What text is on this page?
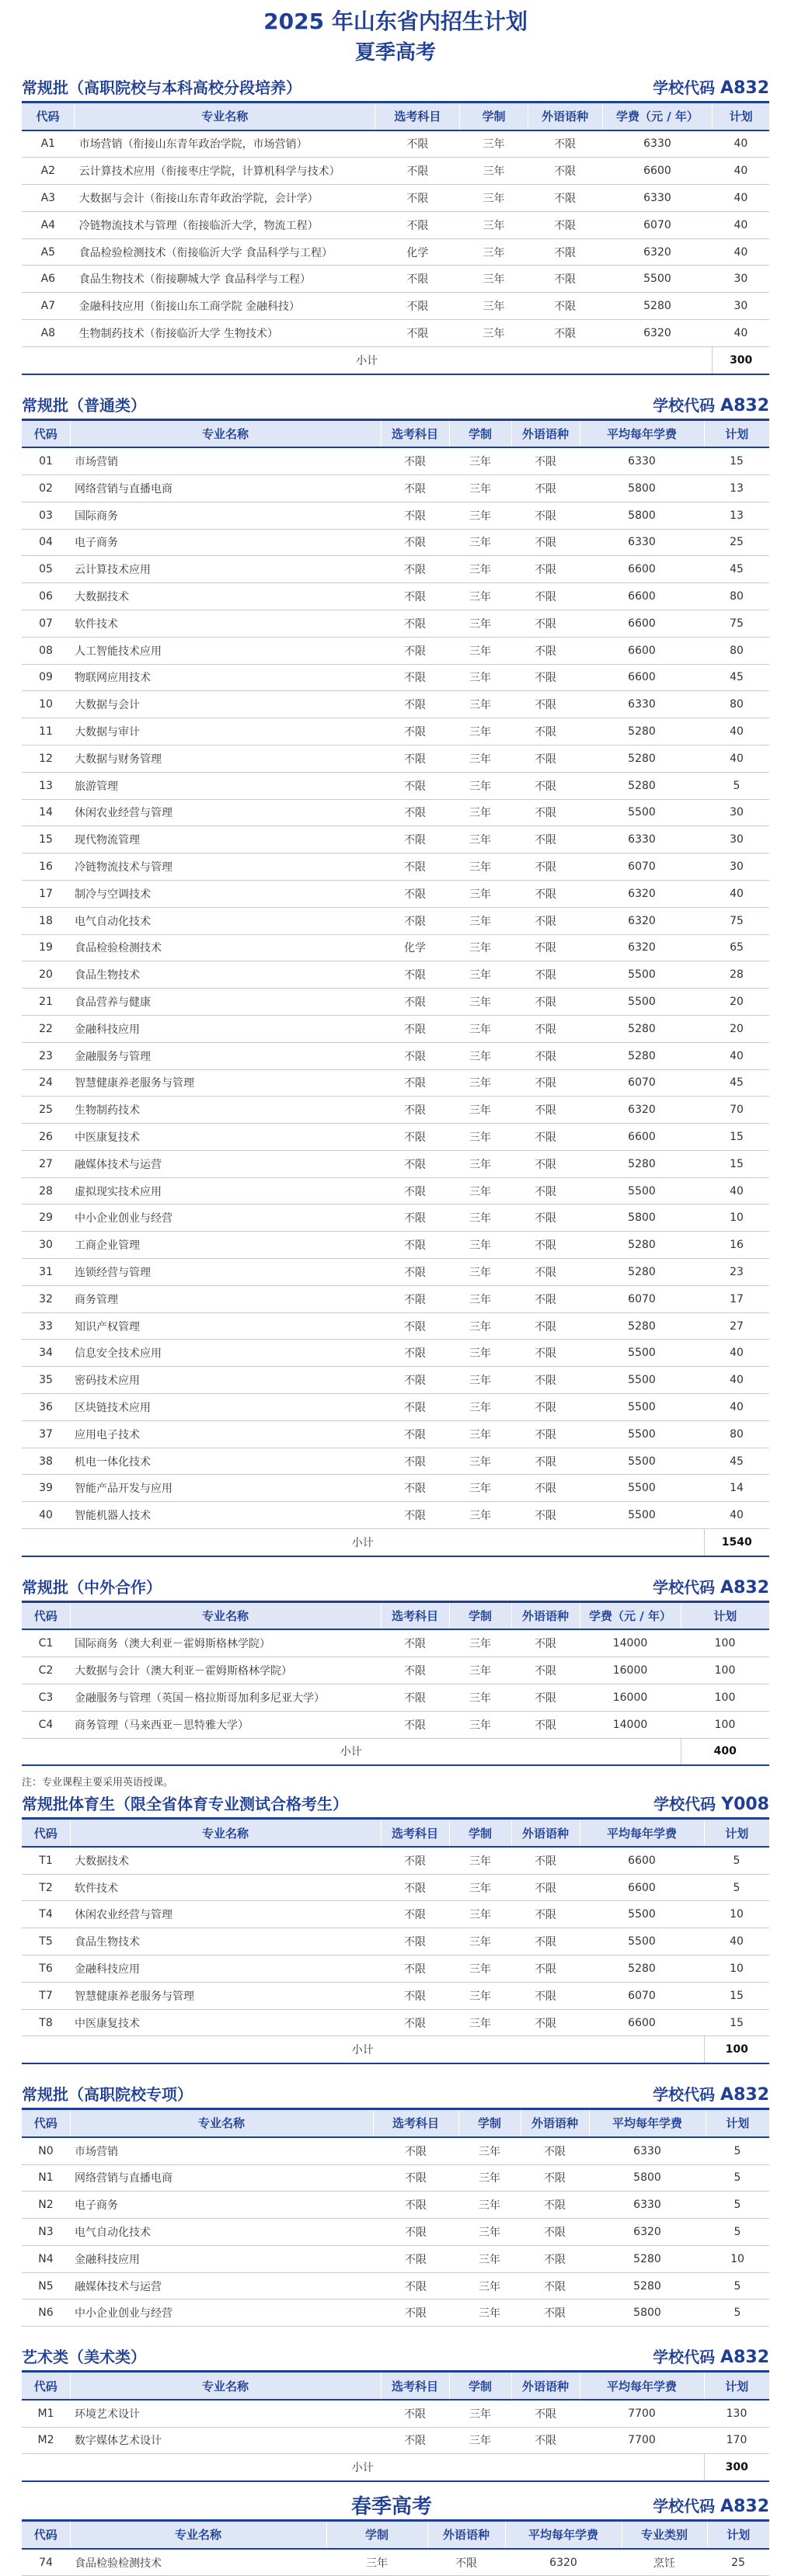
2025 年山东省内招生计划
夏季高考
常规批（高职院校与本科高校分段培养）	学校代码 A832
代码	专业名称	选考科目	学制	外语语种	学费（元 / 年）	计划
A1	市场营销（衔接山东青年政治学院，市场营销）	不限	三年	不限	6330	40
A2	云计算技术应用（衔接枣庄学院，计算机科学与技术）	不限	三年	不限	6600	40
A3	大数据与会计（衔接山东青年政治学院，会计学）	不限	三年	不限	6330	40
A4	冷链物流技术与管理（衔接临沂大学，物流工程）	不限	三年	不限	6070	40
A5	食品检验检测技术（衔接临沂大学 食品科学与工程）	化学	三年	不限	6320	40
A6	食品生物技术（衔接聊城大学 食品科学与工程）	不限	三年	不限	5500	30
A7	金融科技应用（衔接山东工商学院 金融科技）	不限	三年	不限	5280	30
A8	生物制药技术（衔接临沂大学 生物技术）	不限	三年	不限	6320	40
小计						300
常规批（普通类）	学校代码 A832
代码	专业名称	选考科目	学制	外语语种	平均每年学费	计划
01	市场营销	不限	三年	不限	6330	15
02	网络营销与直播电商	不限	三年	不限	5800	13
03	国际商务	不限	三年	不限	5800	13
04	电子商务	不限	三年	不限	6330	25
05	云计算技术应用	不限	三年	不限	6600	45
06	大数据技术	不限	三年	不限	6600	80
07	软件技术	不限	三年	不限	6600	75
08	人工智能技术应用	不限	三年	不限	6600	80
09	物联网应用技术	不限	三年	不限	6600	45
10	大数据与会计	不限	三年	不限	6330	80
11	大数据与审计	不限	三年	不限	5280	40
12	大数据与财务管理	不限	三年	不限	5280	40
13	旅游管理	不限	三年	不限	5280	5
14	休闲农业经营与管理	不限	三年	不限	5500	30
15	现代物流管理	不限	三年	不限	6330	30
16	冷链物流技术与管理	不限	三年	不限	6070	30
17	制冷与空调技术	不限	三年	不限	6320	40
18	电气自动化技术	不限	三年	不限	6320	75
19	食品检验检测技术	化学	三年	不限	6320	65
20	食品生物技术	不限	三年	不限	5500	28
21	食品营养与健康	不限	三年	不限	5500	20
22	金融科技应用	不限	三年	不限	5280	20
23	金融服务与管理	不限	三年	不限	5280	40
24	智慧健康养老服务与管理	不限	三年	不限	6070	45
25	生物制药技术	不限	三年	不限	6320	70
26	中医康复技术	不限	三年	不限	6600	15
27	融媒体技术与运营	不限	三年	不限	5280	15
28	虚拟现实技术应用	不限	三年	不限	5500	40
29	中小企业创业与经营	不限	三年	不限	5800	10
30	工商企业管理	不限	三年	不限	5280	16
31	连锁经营与管理	不限	三年	不限	5280	23
32	商务管理	不限	三年	不限	6070	17
33	知识产权管理	不限	三年	不限	5280	27
34	信息安全技术应用	不限	三年	不限	5500	40
35	密码技术应用	不限	三年	不限	5500	40
36	区块链技术应用	不限	三年	不限	5500	40
37	应用电子技术	不限	三年	不限	5500	80
38	机电一体化技术	不限	三年	不限	5500	45
39	智能产品开发与应用	不限	三年	不限	5500	14
40	智能机器人技术	不限	三年	不限	5500	40
小计						1540
常规批（中外合作）	学校代码 A832
代码	专业名称	选考科目	学制	外语语种	学费（元 / 年）	计划
C1	国际商务（澳大利亚－霍姆斯格林学院）	不限	三年	不限	14000	100
C2	大数据与会计（澳大利亚－霍姆斯格林学院）	不限	三年	不限	16000	100
C3	金融服务与管理（英国－格拉斯哥加利多尼亚大学）	不限	三年	不限	16000	100
C4	商务管理（马来西亚－思特雅大学）	不限	三年	不限	14000	100
小计						400
注：专业课程主要采用英语授课。
常规批体育生（限全省体育专业测试合格考生）	学校代码 Y008
代码	专业名称	选考科目	学制	外语语种	平均每年学费	计划
T1	大数据技术	不限	三年	不限	6600	5
T2	软件技术	不限	三年	不限	6600	5
T4	休闲农业经营与管理	不限	三年	不限	5500	10
T5	食品生物技术	不限	三年	不限	5500	40
T6	金融科技应用	不限	三年	不限	5280	10
T7	智慧健康养老服务与管理	不限	三年	不限	6070	15
T8	中医康复技术	不限	三年	不限	6600	15
小计						100
常规批（高职院校专项）	学校代码 A832
代码	专业名称	选考科目	学制	外语语种	平均每年学费	计划
N0	市场营销	不限	三年	不限	6330	5
N1	网络营销与直播电商	不限	三年	不限	5800	5
N2	电子商务	不限	三年	不限	6330	5
N3	电气自动化技术	不限	三年	不限	6320	5
N4	金融科技应用	不限	三年	不限	5280	10
N5	融媒体技术与运营	不限	三年	不限	5280	5
N6	中小企业创业与经营	不限	三年	不限	5800	5
艺术类（美术类）	学校代码 A832
代码	专业名称	选考科目	学制	外语语种	平均每年学费	计划
M1	环境艺术设计	不限	三年	不限	7700	130
M2	数字媒体艺术设计	不限	三年	不限	7700	170
小计						300
春季高考	学校代码 A832
代码	专业名称	学制	外语语种	平均每年学费	专业类别	计划
74	食品检验检测技术	三年	不限	6320	烹饪	25
